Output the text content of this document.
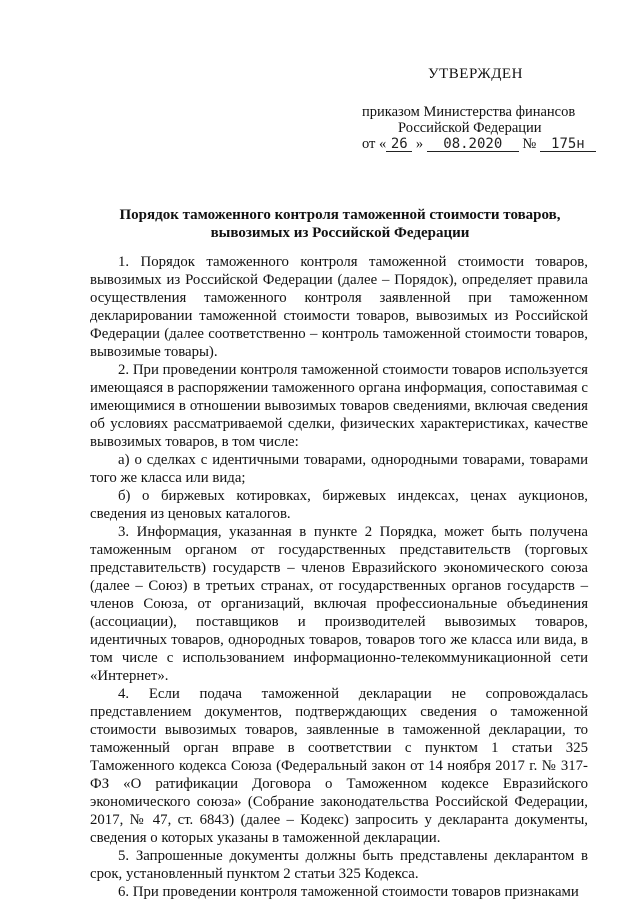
УТВЕРЖДЕН
приказом Министерства финансов
Российской Федерации
от « 26 » 08.2020 № 175н
Порядок таможенного контроля таможенной стоимости товаров,
вывозимых из Российской Федерации

1. Порядок таможенного контроля таможенной стоимости товаров, вывозимых из Российской Федерации (далее – Порядок), определяет правила осуществления таможенного контроля заявленной при таможенном декларировании таможенной стоимости товаров, вывозимых из Российской Федерации (далее соответственно – контроль таможенной стоимости товаров, вывозимые товары).

2. При проведении контроля таможенной стоимости товаров используется имеющаяся в распоряжении таможенного органа информация, сопоставимая с имеющимися в отношении вывозимых товаров сведениями, включая сведения об условиях рассматриваемой сделки, физических характеристиках, качестве вывозимых товаров, в том числе:

а) о сделках с идентичными товарами, однородными товарами, товарами того же класса или вида;

б) о биржевых котировках, биржевых индексах, ценах аукционов, сведения из ценовых каталогов.

3. Информация, указанная в пункте 2 Порядка, может быть получена таможенным органом от государственных представительств (торговых представительств) государств – членов Евразийского экономического союза (далее – Союз) в третьих странах, от государственных органов государств – членов Союза, от организаций, включая профессиональные объединения (ассоциации), поставщиков и производителей вывозимых товаров, идентичных товаров, однородных товаров, товаров того же класса или вида, в том числе с использованием информационно-телекоммуникационной сети «Интернет».

4. Если подача таможенной декларации не сопровождалась представлением документов, подтверждающих сведения о таможенной стоимости вывозимых товаров, заявленные в таможенной декларации, то таможенный орган вправе в соответствии с пунктом 1 статьи 325 Таможенного кодекса Союза (Федеральный закон от 14 ноября 2017 г. № 317-ФЗ «О ратификации Договора о Таможенном кодексе Евразийского экономического союза» (Собрание законодательства Российской Федерации, 2017, № 47, ст. 6843) (далее – Кодекс) запросить у декларанта документы, сведения о которых указаны в таможенной декларации.

5. Запрошенные документы должны быть представлены декларантом в срок, установленный пунктом 2 статьи 325 Кодекса.

6. При проведении контроля таможенной стоимости товаров признаками
